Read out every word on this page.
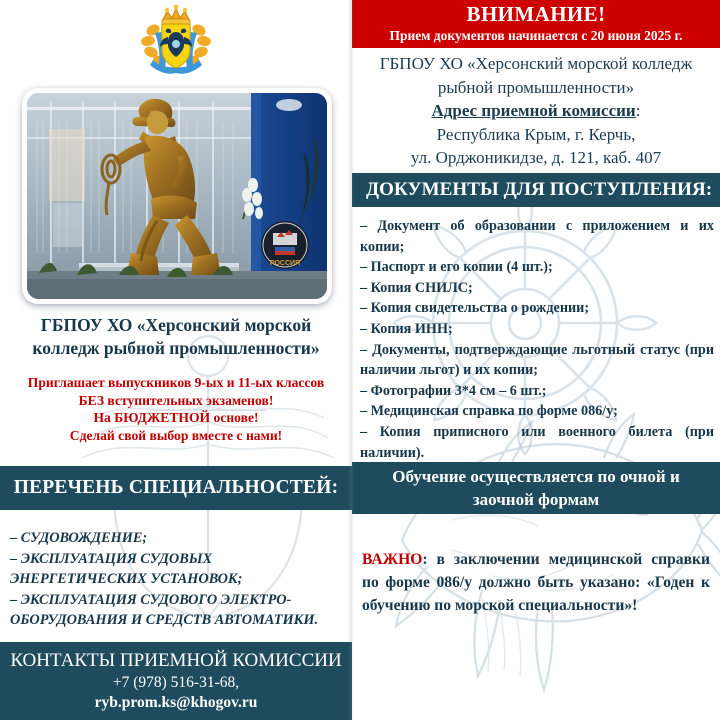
РОССИЯ
ГБПОУ ХО «Херсонский морской колледж рыбной промышленности»
Приглашает выпускников 9-ых и 11-ых классов
БЕЗ вступительных экзаменов!
На БЮДЖЕТНОЙ основе!
Сделай свой выбор вместе с нами!
ПЕРЕЧЕНЬ СПЕЦИАЛЬНОСТЕЙ:
– СУДОВОЖДЕНИЕ;
– ЭКСПЛУАТАЦИЯ СУДОВЫХ ЭНЕРГЕТИЧЕСКИХ УСТАНОВОК;
– ЭКСПЛУАТАЦИЯ СУДОВОГО ЭЛЕКТРО-ОБОРУДОВАНИЯ И СРЕДСТВ АВТОМАТИКИ.
КОНТАКТЫ ПРИЕМНОЙ КОМИССИИ
+7 (978) 516-31-68,
ryb.prom.ks@khogov.ru
ВНИМАНИЕ!
Прием документов начинается с 20 июня 2025 г.
ГБПОУ ХО «Херсонский морской колледж
рыбной промышленности»
Адрес приемной комиссии:
Республика Крым, г. Керчь,
ул. Орджоникидзе, д. 121, каб. 407
ДОКУМЕНТЫ ДЛЯ ПОСТУПЛЕНИЯ:
– Документ об образовании с приложением и их копии;
– Паспорт и его копии (4 шт.);
– Копия СНИЛС;
– Копия свидетельства о рождении;
– Копия ИНН;
– Документы, подтверждающие льготный статус (при наличии льгот) и их копии;
– Фотографии 3*4 см – 6 шт.;
– Медицинская справка по форме 086/у;
– Копия приписного или военного билета (при наличии).
Обучение осуществляется по очной и
заочной формам
ВАЖНО: в заключении медицинской справки по форме 086/у должно быть указано: «Годен к обучению по морской специальности»!
